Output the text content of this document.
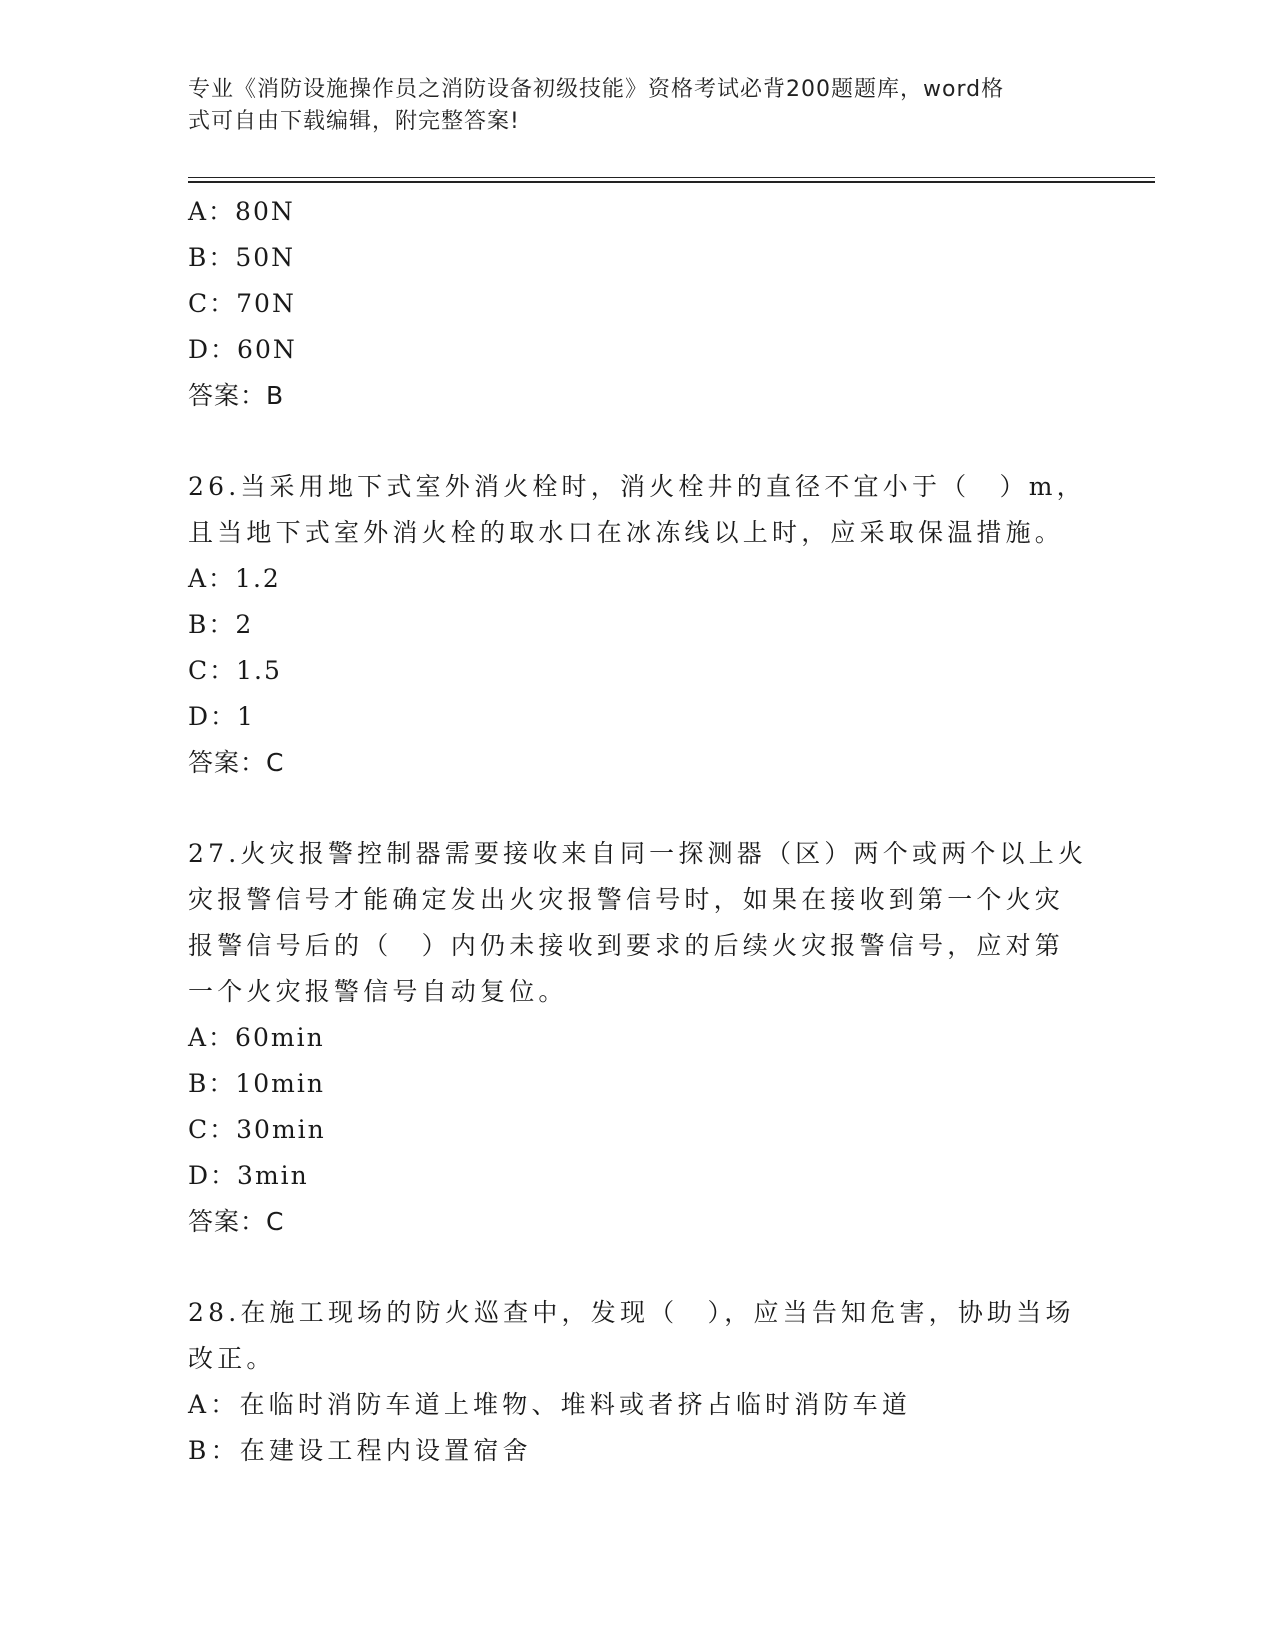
专业《消防设施操作员之消防设备初级技能》资格考试必背200题题库，word格
式可自由下载编辑，附完整答案!
A：80N
B：50N
C：70N
D：60N
答案：B
26.当采用地下式室外消火栓时，消火栓井的直径不宜小于（　）m，
且当地下式室外消火栓的取水口在冰冻线以上时，应采取保温措施。
A：1.2
B：2
C：1.5
D：1
答案：C
27.火灾报警控制器需要接收来自同一探测器（区）两个或两个以上火
灾报警信号才能确定发出火灾报警信号时，如果在接收到第一个火灾
报警信号后的（　）内仍未接收到要求的后续火灾报警信号，应对第
一个火灾报警信号自动复位。
A：60min
B：10min
C：30min
D：3min
答案：C
28.在施工现场的防火巡查中，发现（　），应当告知危害，协助当场
改正。
A：在临时消防车道上堆物、堆料或者挤占临时消防车道
B：在建设工程内设置宿舍
